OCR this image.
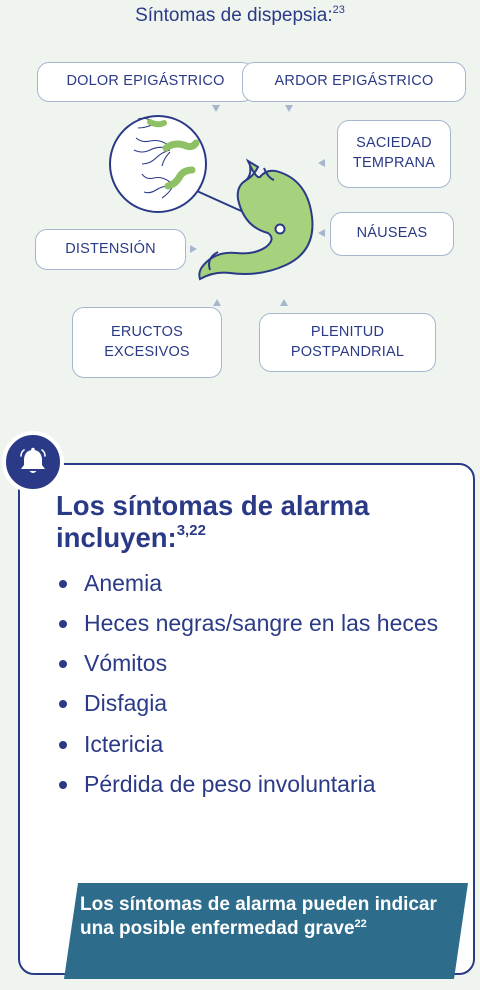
Síntomas de dispepsia:$^{23}$
DOLOR EPIGÁSTRICO	ARDOR EPIGÁSTRICO
SACIEDAD
TEMPRANA
NÁUSEAS
DISTENSIÓN
ERUCTOS
EXCESIVOS
PLENITUD
POSTPANDRIAL
Los síntomas de alarma incluyen:$^{3,22}$
Anemia
Heces negras/sangre en las heces
Vómitos
Disfagia
Ictericia
Pérdida de peso involuntaria
Los síntomas de alarma pueden indicar una posible enfermedad grave$^{22}$
